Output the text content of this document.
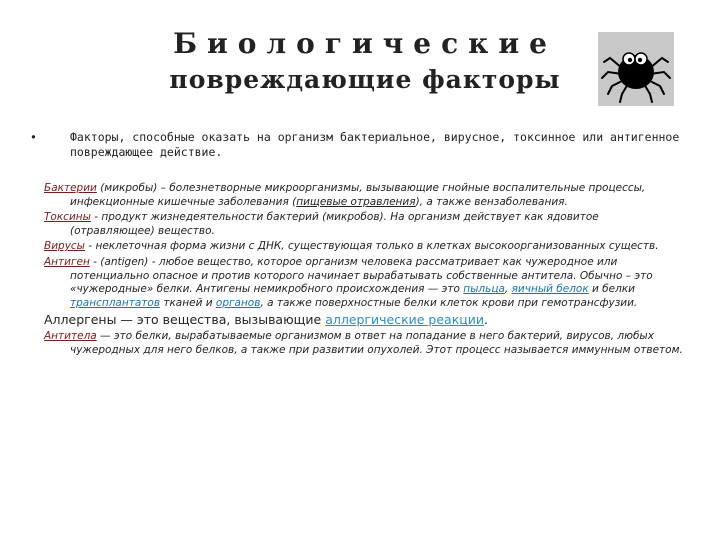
Биологические
повреждающие факторы
•	Факторы, способные оказать на организм бактериальное, вирусное, токсинное или антигенное повреждающее действие.

Бактерии (микробы) – болезнетворные микроорганизмы, вызывающие гнойные воспалительные процессы, инфекционные кишечные заболевания (пищевые отравления), а также вензаболевания.

Токсины - продукт жизнедеятельности бактерий (микробов). На организм действует как ядовитое (отравляющее) вещество.

Вирусы - неклеточная форма жизни с ДНК, существующая только в клетках высокоорганизованных существ.

Антиген - (antigen) - любое вещество, которое организм человека рассматривает как чужеродное или потенциально опасное и против которого начинает вырабатывать собственные антитела. Обычно – это «чужеродные» белки. Антигены немикробного происхождения — это пыльца, яичный белок и белки трансплантатов тканей и органов, а также поверхностные белки клеток крови при гемотрансфузии.

Аллергены — это вещества, вызывающие аллергические реакции.

Антитела — это белки, вырабатываемые организмом в ответ на попадание в него бактерий, вирусов, любых чужеродных для него белков, а также при развитии опухолей. Этот процесс называется иммунным ответом.
